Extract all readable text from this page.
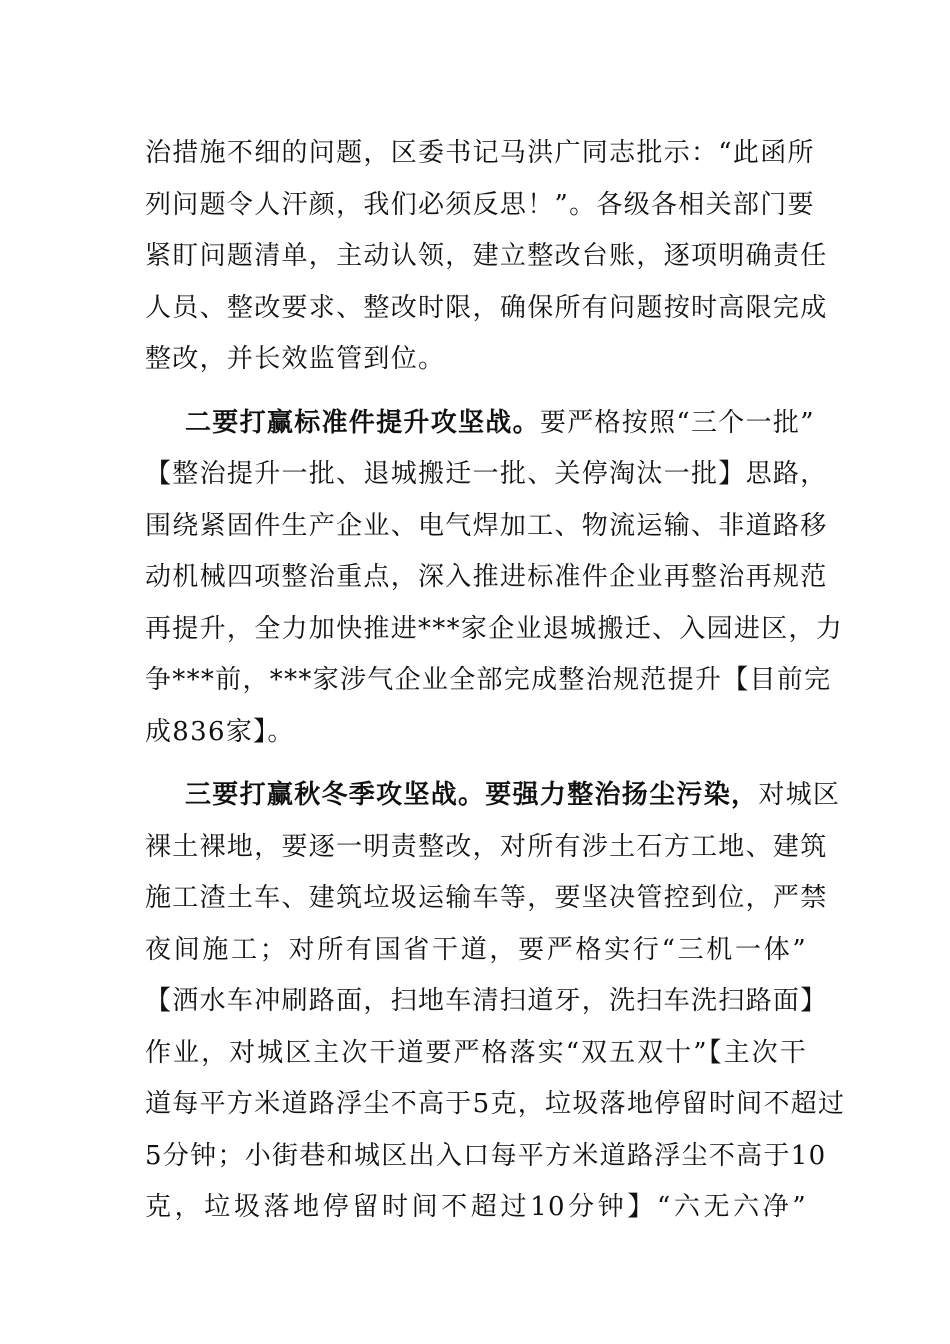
治措施不细的问题，区委书记马洪广同志批示：“此函所
列问题令人汗颜，我们必须反思！”。各级各相关部门要
紧盯问题清单，主动认领，建立整改台账，逐项明确责任
人员、整改要求、整改时限，确保所有问题按时高限完成
整改，并长效监管到位。
二要打赢标准件提升攻坚战。要严格按照“三个一批”
【整治提升一批、退城搬迁一批、关停淘汰一批】思路，
围绕紧固件生产企业、电气焊加工、物流运输、非道路移
动机械四项整治重点，深入推进标准件企业再整治再规范
再提升，全力加快推进***家企业退城搬迁、入园进区，力
争***前，***家涉气企业全部完成整治规范提升【目前完
成836家】。
三要打赢秋冬季攻坚战。要强力整治扬尘污染，对城区
裸土裸地，要逐一明责整改，对所有涉土石方工地、建筑
施工渣土车、建筑垃圾运输车等，要坚决管控到位，严禁
夜间施工；对所有国省干道，要严格实行“三机一体”
【洒水车冲刷路面，扫地车清扫道牙，洗扫车洗扫路面】
作业，对城区主次干道要严格落实“双五双十”【主次干
道每平方米道路浮尘不高于5克，垃圾落地停留时间不超过
5分钟；小街巷和城区出入口每平方米道路浮尘不高于10
克，垃圾落地停留时间不超过10分钟】“六无六净”
